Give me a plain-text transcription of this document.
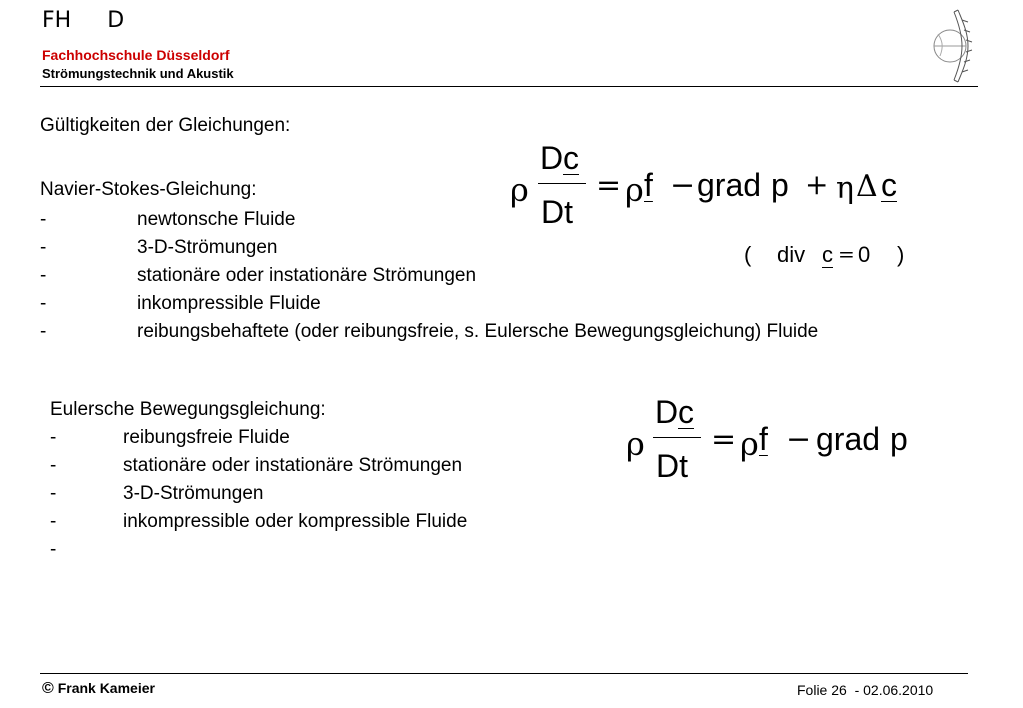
FH D
Fachhochschule Düsseldorf
Strömungstechnik und Akustik
Gültigkeiten der Gleichungen:
Navier-Stokes-Gleichung:
-	newtonsche Fluide
-	3-D-Strömungen
-	stationäre oder instationäre Strömungen
-	inkompressible Fluide
-	reibungsbehaftete (oder reibungsfreie, s. Eulersche Bewegungsgleichung) Fluide
ρ
D c
Dt
= ρ f − grad p + η Δ c
( div c = 0 )
Eulersche Bewegungsgleichung:
-	reibungsfreie Fluide
-	stationäre oder instationäre Strömungen
-	3-D-Strömungen
-	inkompressible oder kompressible Fluide
-
ρ
D c
Dt
= ρ f − grad p
© Frank Kameier	Folie 26  - 02.06.2010
